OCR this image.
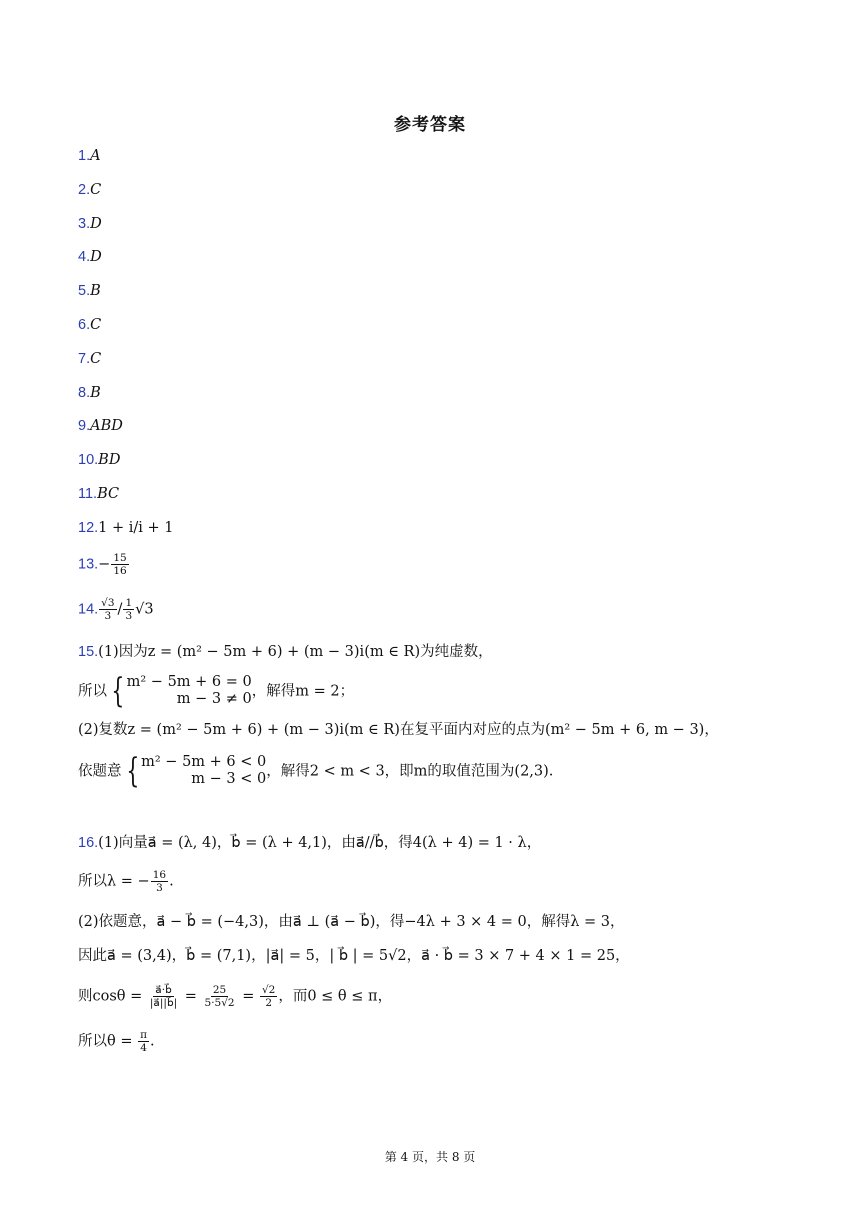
参考答案
1.A
2.C
3.D
4.D
5.B
6.C
7.C
8.B
9.ABD
10.BD
11.BC
12.1 + i/i + 1
$13.- \frac{15}{16}$
14. $\frac{√3}{3} / \frac{1}{3} √3$
15.(1)因为z = (m² − 5m + 6) + (m − 3)i(m ∈ R)为纯虚数，
所以 { m² − 5m + 6 = 0
m − 3 ≠ 0 ，解得m = 2；
(2)复数z = (m² − 5m + 6) + (m − 3)i(m ∈ R)在复平面内对应的点为(m² − 5m + 6, m − 3)，
依题意 { m² − 5m + 6 < 0
m − 3 < 0 ，解得2 < m < 3，即m的取值范围为(2,3).
16.(1)向量a⃗ = (λ, 4)，b⃗ = (λ + 4,1)，由a⃗//b⃗，得4(λ + 4) = 1 · λ，
所以λ = − $\frac{16}{3}$ .
(2)依题意，a⃗ − b⃗ = (−4,3)，由a⃗ ⊥ (a⃗ − b⃗)，得−4λ + 3 × 4 = 0，解得λ = 3，
因此a⃗ = (3,4)，b⃗ = (7,1)，|a⃗| = 5，| b⃗ | = 5√2，a⃗ · b⃗ = 3 × 7 + 4 × 1 = 25，
则$\cos\theta = \frac{a⃗\cdot b⃗}{|a⃗||b⃗|} = \frac{25}{5\cdot 5√2} = \frac{√2}{2}$ ，而0 ≤ θ ≤ π，
所以$\theta = \frac{\pi}{4}$ .
第 4 页，共 8 页
